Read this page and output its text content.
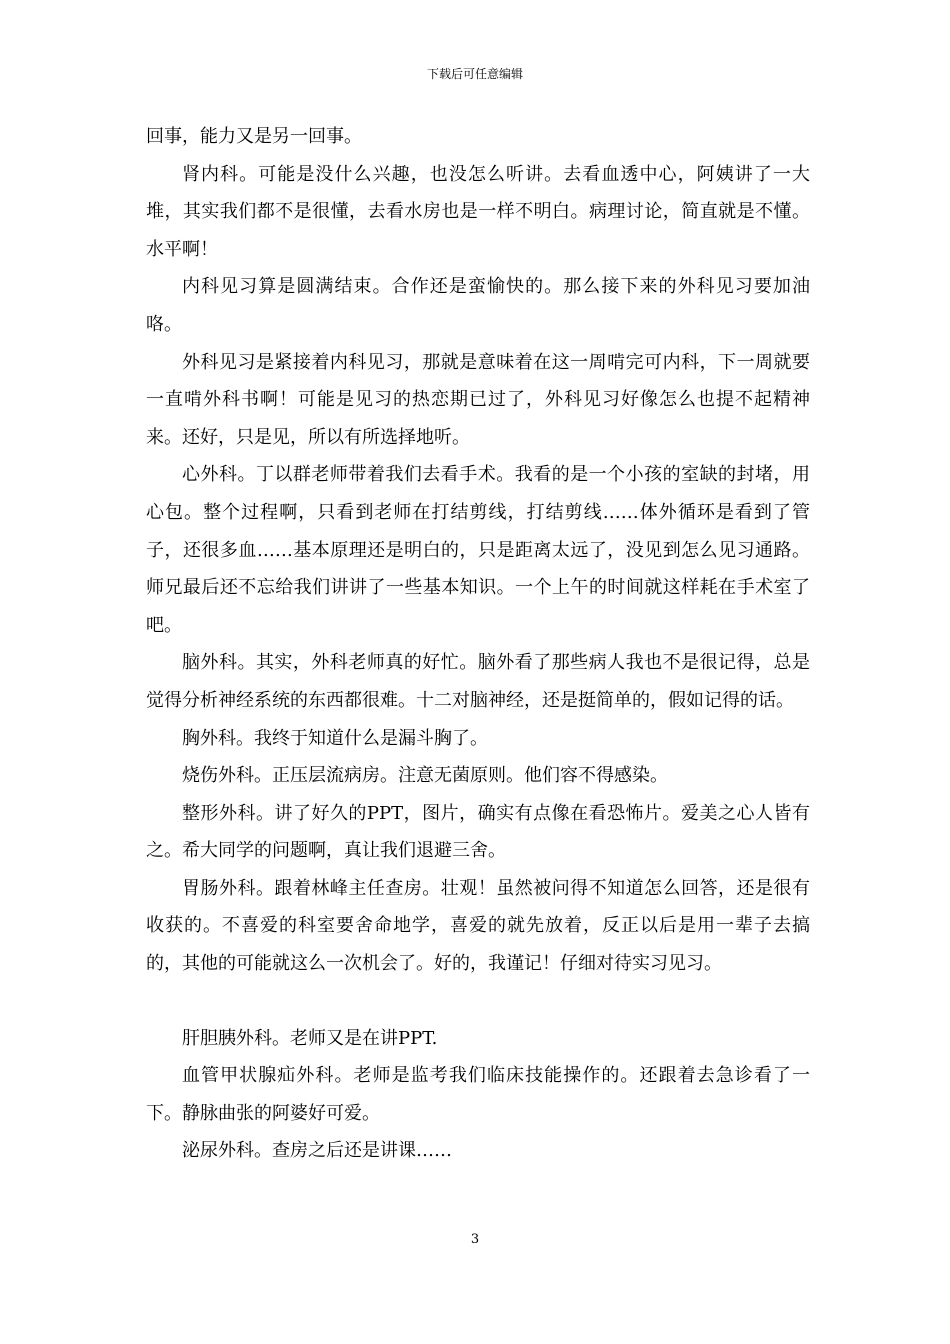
下载后可任意编辑

回事，能力又是另一回事。

肾内科。可能是没什么兴趣，也没怎么听讲。去看血透中心，阿姨讲了一大堆，其实我们都不是很懂，去看水房也是一样不明白。病理讨论，简直就是不懂。水平啊！

内科见习算是圆满结束。合作还是蛮愉快的。那么接下来的外科见习要加油咯。

外科见习是紧接着内科见习，那就是意味着在这一周啃完可内科，下一周就要一直啃外科书啊！可能是见习的热恋期已过了，外科见习好像怎么也提不起精神来。还好，只是见，所以有所选择地听。

心外科。丁以群老师带着我们去看手术。我看的是一个小孩的室缺的封堵，用心包。整个过程啊，只看到老师在打结剪线，打结剪线……体外循环是看到了管子，还很多血……基本原理还是明白的，只是距离太远了，没见到怎么见习通路。师兄最后还不忘给我们讲讲了一些基本知识。一个上午的时间就这样耗在手术室了吧。

脑外科。其实，外科老师真的好忙。脑外看了那些病人我也不是很记得，总是觉得分析神经系统的东西都很难。十二对脑神经，还是挺简单的，假如记得的话。

胸外科。我终于知道什么是漏斗胸了。

烧伤外科。正压层流病房。注意无菌原则。他们容不得感染。

整形外科。讲了好久的PPT，图片，确实有点像在看恐怖片。爱美之心人皆有之。希大同学的问题啊，真让我们退避三舍。

胃肠外科。跟着林峰主任查房。壮观！虽然被问得不知道怎么回答，还是很有收获的。不喜爱的科室要舍命地学，喜爱的就先放着，反正以后是用一辈子去搞的，其他的可能就这么一次机会了。好的，我谨记！仔细对待实习见习。

肝胆胰外科。老师又是在讲PPT.

血管甲状腺疝外科。老师是监考我们临床技能操作的。还跟着去急诊看了一下。静脉曲张的阿婆好可爱。

泌尿外科。查房之后还是讲课……

3
